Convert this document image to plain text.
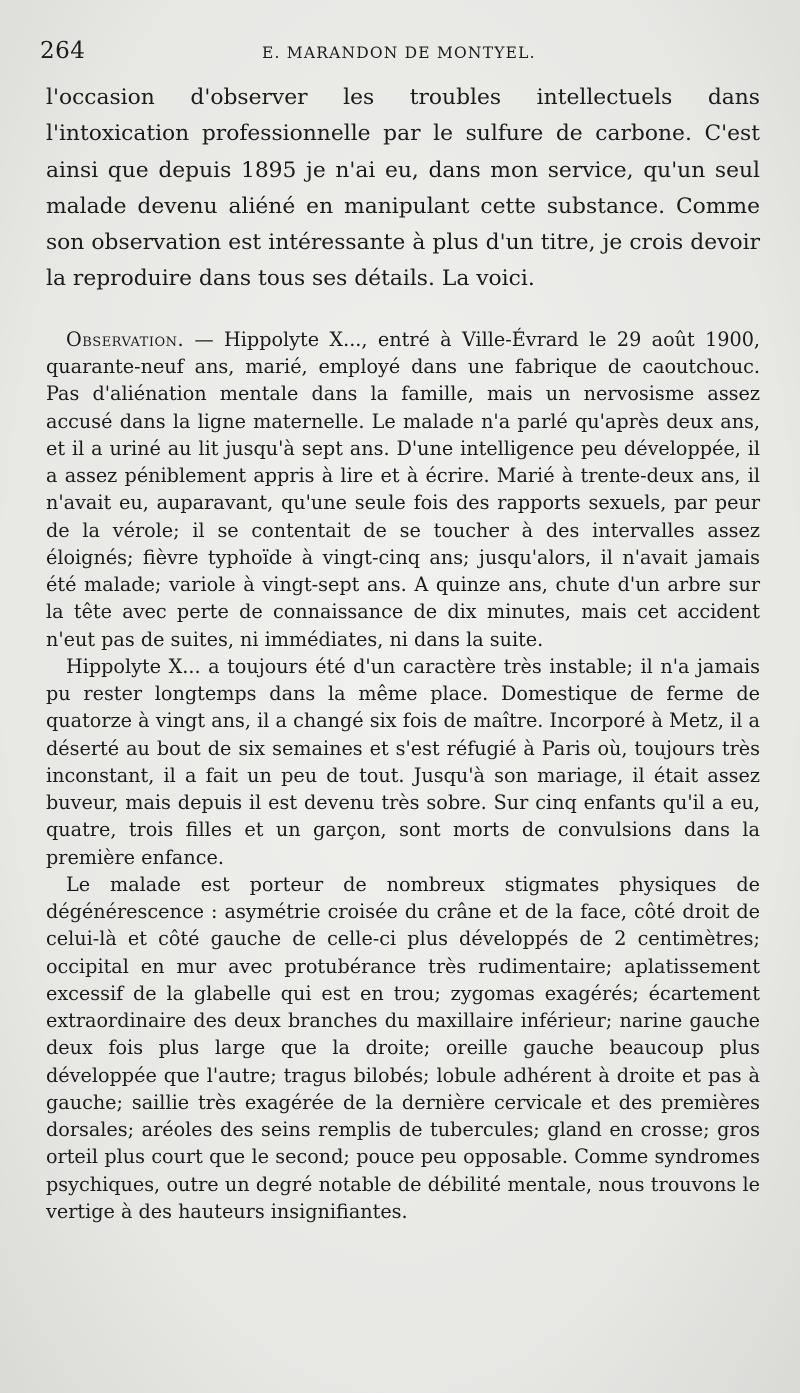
264	E. MARANDON DE MONTYEL.

l'occasion d'observer les troubles intellectuels dans l'intoxication professionnelle par le sulfure de carbone. C'est ainsi que depuis 1895 je n'ai eu, dans mon service, qu'un seul malade devenu aliéné en manipulant cette substance. Comme son observation est intéressante à plus d'un titre, je crois devoir la reproduire dans tous ses détails. La voici.

Observation. — Hippolyte X..., entré à Ville-Évrard le 29 août 1900, quarante-neuf ans, marié, employé dans une fabrique de caoutchouc. Pas d'aliénation mentale dans la famille, mais un nervosisme assez accusé dans la ligne maternelle. Le malade n'a parlé qu'après deux ans, et il a uriné au lit jusqu'à sept ans. D'une intelligence peu développée, il a assez péniblement appris à lire et à écrire. Marié à trente-deux ans, il n'avait eu, auparavant, qu'une seule fois des rapports sexuels, par peur de la vérole; il se contentait de se toucher à des intervalles assez éloignés; fièvre typhoïde à vingt-cinq ans; jusqu'alors, il n'avait jamais été malade; variole à vingt-sept ans. A quinze ans, chute d'un arbre sur la tête avec perte de connaissance de dix minutes, mais cet accident n'eut pas de suites, ni immédiates, ni dans la suite.

Hippolyte X... a toujours été d'un caractère très instable; il n'a jamais pu rester longtemps dans la même place. Domestique de ferme de quatorze à vingt ans, il a changé six fois de maître. Incorporé à Metz, il a déserté au bout de six semaines et s'est réfugié à Paris où, toujours très inconstant, il a fait un peu de tout. Jusqu'à son mariage, il était assez buveur, mais depuis il est devenu très sobre. Sur cinq enfants qu'il a eu, quatre, trois filles et un garçon, sont morts de convulsions dans la première enfance.

Le malade est porteur de nombreux stigmates physiques de dégénérescence : asymétrie croisée du crâne et de la face, côté droit de celui-là et côté gauche de celle-ci plus développés de 2 centimètres; occipital en mur avec protubérance très rudimentaire; aplatissement excessif de la glabelle qui est en trou; zygomas exagérés; écartement extraordinaire des deux branches du maxillaire inférieur; narine gauche deux fois plus large que la droite; oreille gauche beaucoup plus développée que l'autre; tragus bilobés; lobule adhérent à droite et pas à gauche; saillie très exagérée de la dernière cervicale et des premières dorsales; aréoles des seins remplis de tubercules; gland en crosse; gros orteil plus court que le second; pouce peu opposable. Comme syndromes psychiques, outre un degré notable de débilité mentale, nous trouvons le vertige à des hauteurs insignifiantes.
